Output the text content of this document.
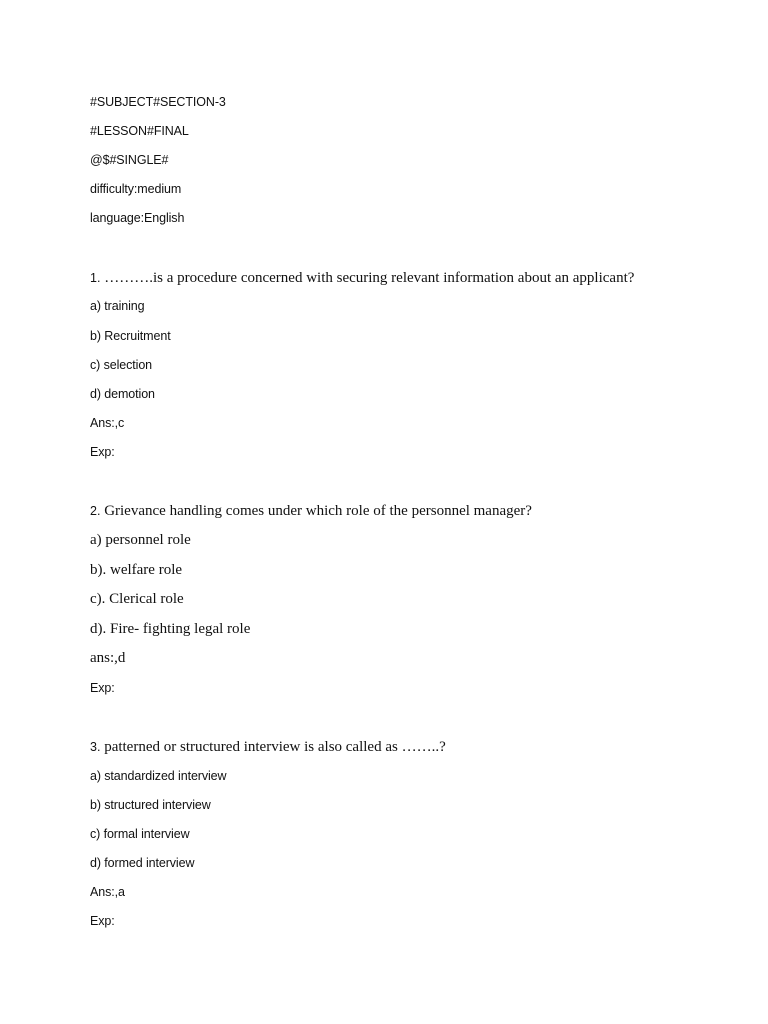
#SUBJECT#SECTION-3
#LESSON#FINAL
@$#SINGLE#
difficulty:medium
language:English
1. ……….is a procedure concerned with securing relevant information about an applicant?
a) training
b) Recruitment
c) selection
d) demotion
Ans:,c
Exp:
2. Grievance handling comes under which role of the personnel manager?
a) personnel role
b). welfare role
c). Clerical role
d). Fire- fighting legal role
ans:,d
Exp:
3. patterned or structured interview is also called as ……..?
a) standardized interview
b) structured interview
c) formal interview
d) formed interview
Ans:,a
Exp:
